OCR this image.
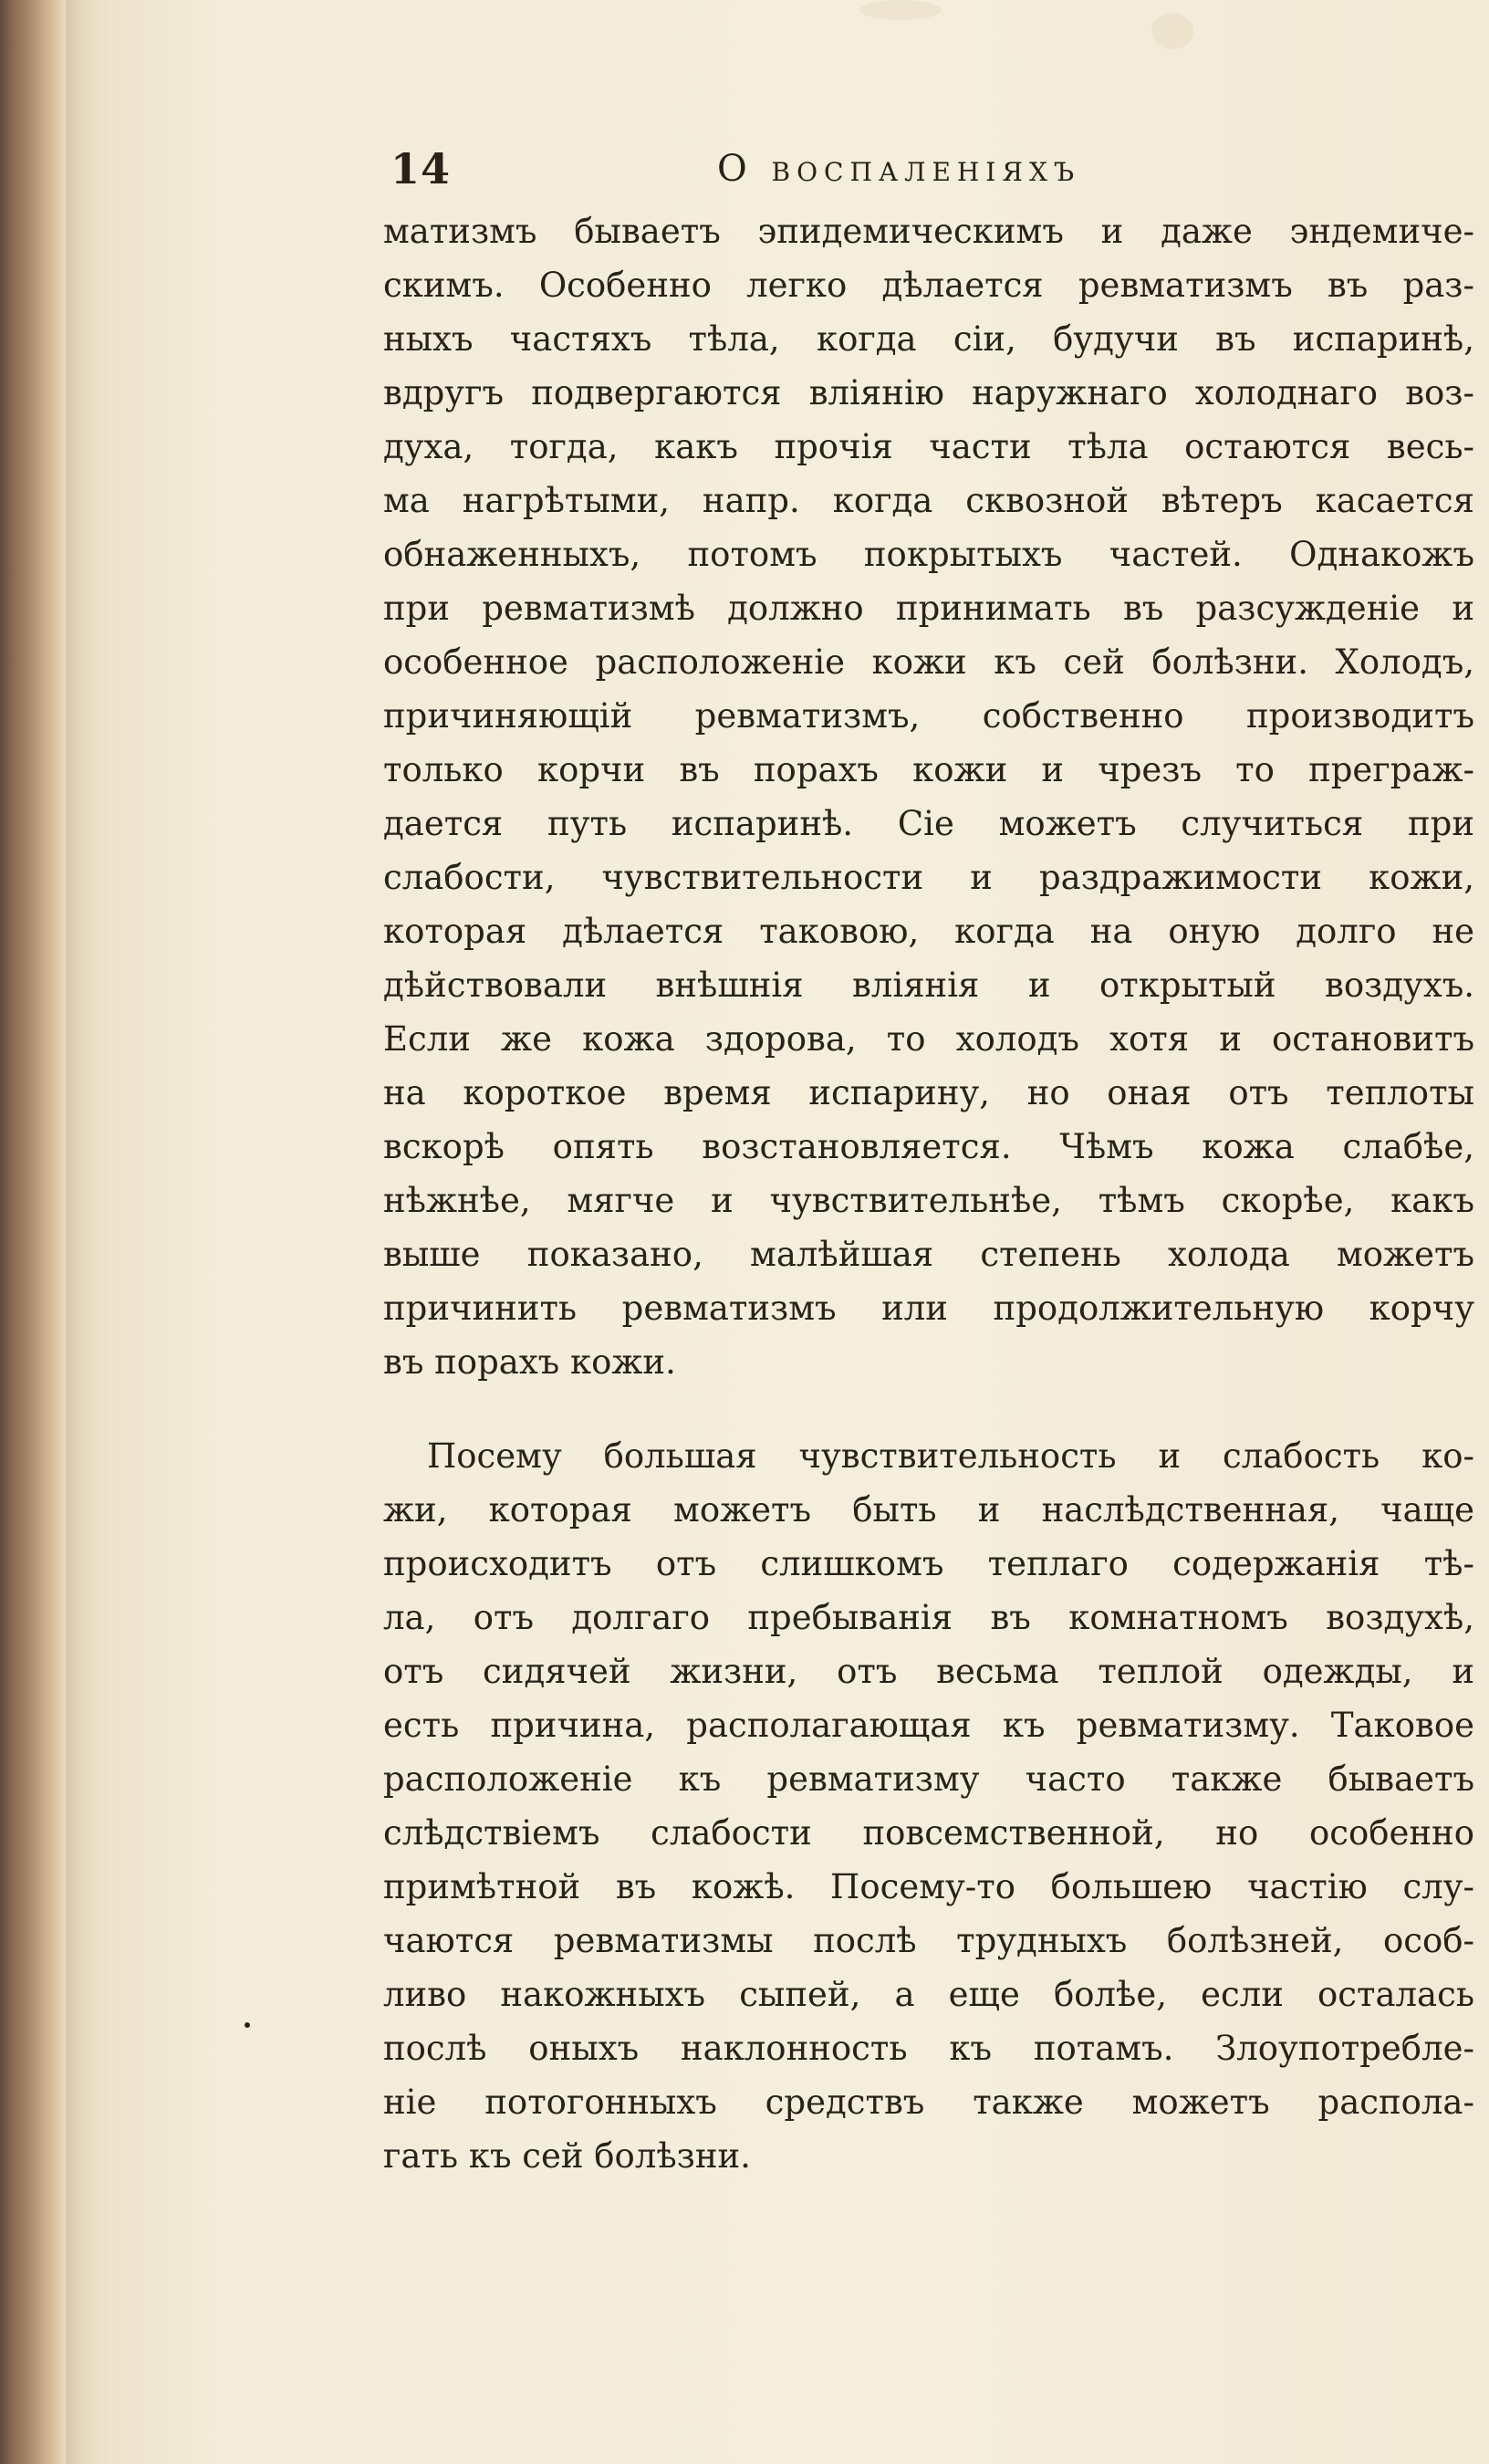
14	О воспаленіяхъ
матизмъ бываетъ эпидемическимъ и даже эндемиче-
скимъ. Особенно легко дѣлается ревматизмъ въ раз-
ныхъ частяхъ тѣла, когда сіи, будучи въ испаринѣ,
вдругъ подвергаются вліянію наружнаго холоднаго воз-
духа, тогда, какъ прочія части тѣла остаются весь-
ма нагрѣтыми, напр. когда сквозной вѣтеръ касается
обнаженныхъ, потомъ покрытыхъ частей. Однакожъ
при ревматизмѣ должно принимать въ разсужденіе и
особенное расположеніе кожи къ сей болѣзни. Холодъ,
причиняющій ревматизмъ, собственно производитъ
только корчи въ порахъ кожи и чрезъ то преграж-
дается путь испаринѣ. Сіе можетъ случиться при
слабости, чувствительности и раздражимости кожи,
которая дѣлается таковою, когда на оную долго не
дѣйствовали внѣшнія вліянія и открытый воздухъ.
Если же кожа здорова, то холодъ хотя и остановитъ
на короткое время испарину, но оная отъ теплоты
вскорѣ опять возстановляется. Чѣмъ кожа слабѣе,
нѣжнѣе, мягче и чувствительнѣе, тѣмъ скорѣе, какъ
выше показано, малѣйшая степень холода можетъ
причинить ревматизмъ или продолжительную корчу
въ порахъ кожи.
Посему большая чувствительность и слабость ко-
жи, которая можетъ быть и наслѣдственная, чаще
происходитъ отъ слишкомъ теплаго содержанія тѣ-
ла, отъ долгаго пребыванія въ комнатномъ воздухѣ,
отъ сидячей жизни, отъ весьма теплой одежды, и
есть причина, располагающая къ ревматизму. Таковое
расположеніе къ ревматизму часто также бываетъ
слѣдствіемъ слабости повсемственной, но особенно
примѣтной въ кожѣ. Посему-то большею частію слу-
чаются ревматизмы послѣ трудныхъ болѣзней, особ-
ливо накожныхъ сыпей, а еще болѣе, если осталась
послѣ оныхъ наклонность къ потамъ. Злоупотребле-
ніе потогонныхъ средствъ также можетъ распола-
гать къ сей болѣзни.
